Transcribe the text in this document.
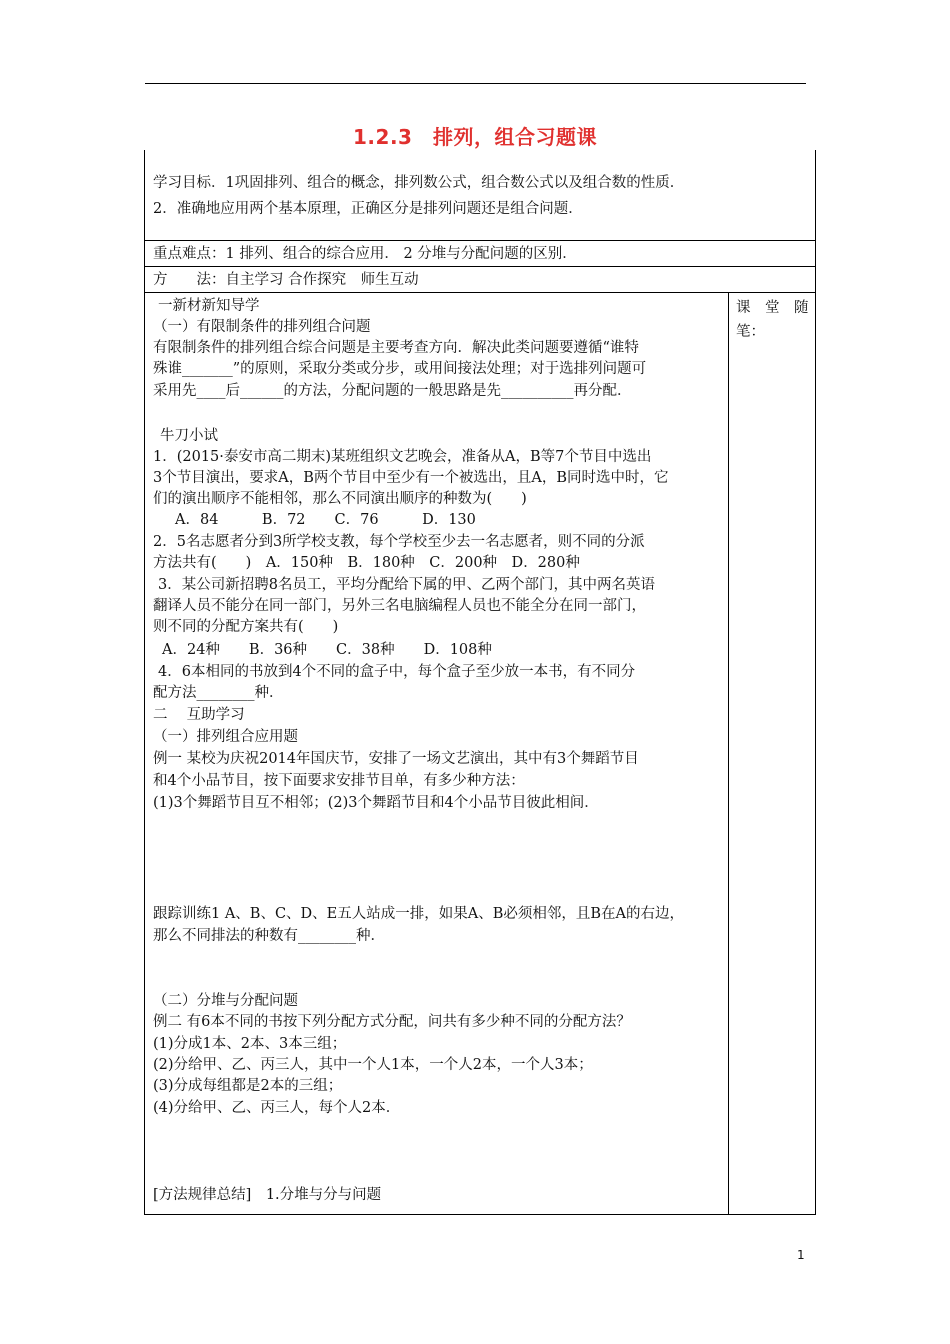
1.2.3　排列，组合习题课
学习目标．1巩固排列、组合的概念，排列数公式，组合数公式以及组合数的性质．
2．准确地应用两个基本原理，正确区分是排列问题还是组合问题．
重点难点：1 排列、组合的综合应用． 2 分堆与分配问题的区别．
方　　法：自主学习 合作探究　师生互动
课　堂　随
笔：
一新材新知导学
（一）有限制条件的排列组合问题
有限制条件的排列组合综合问题是主要考查方向．解决此类问题要遵循“谁特
殊谁_______”的原则，采取分类或分步，或用间接法处理；对于选排列问题可
采用先____后______的方法，分配问题的一般思路是先__________再分配．
牛刀小试
1．(2015·泰安市高二期末)某班组织文艺晚会，准备从A，B等7个节目中选出
3个节目演出，要求A，B两个节目中至少有一个被选出，且A，B同时选中时，它
们的演出顺序不能相邻，那么不同演出顺序的种数为(　　)
A．84　　　B．72　　C．76　　　D．130
2．5名志愿者分到3所学校支教，每个学校至少去一名志愿者，则不同的分派
方法共有(　　)　A．150种　B．180种　C．200种　D．280种
3．某公司新招聘8名员工，平均分配给下属的甲、乙两个部门，其中两名英语
翻译人员不能分在同一部门，另外三名电脑编程人员也不能全分在同一部门，
则不同的分配方案共有(　　)
A．24种　　B．36种　　C．38种　　D．108种
4．6本相同的书放到4个不同的盒子中，每个盒子至少放一本书，有不同分
配方法________种．
二　 互助学习
（一）排列组合应用题
例一 某校为庆祝2014年国庆节，安排了一场文艺演出，其中有3个舞蹈节目
和4个小品节目，按下面要求安排节目单，有多少种方法：
(1)3个舞蹈节目互不相邻；(2)3个舞蹈节目和4个小品节目彼此相间．
跟踪训练1 A、B、C、D、E五人站成一排，如果A、B必须相邻，且B在A的右边，
那么不同排法的种数有________种．
（二）分堆与分配问题
例二 有6本不同的书按下列分配方式分配，问共有多少种不同的分配方法？
(1)分成1本、2本、3本三组；
(2)分给甲、乙、丙三人，其中一个人1本，一个人2本，一个人3本；
(3)分成每组都是2本的三组；
(4)分给甲、乙、丙三人，每个人2本．
[方法规律总结]　1.分堆与分与问题
1
